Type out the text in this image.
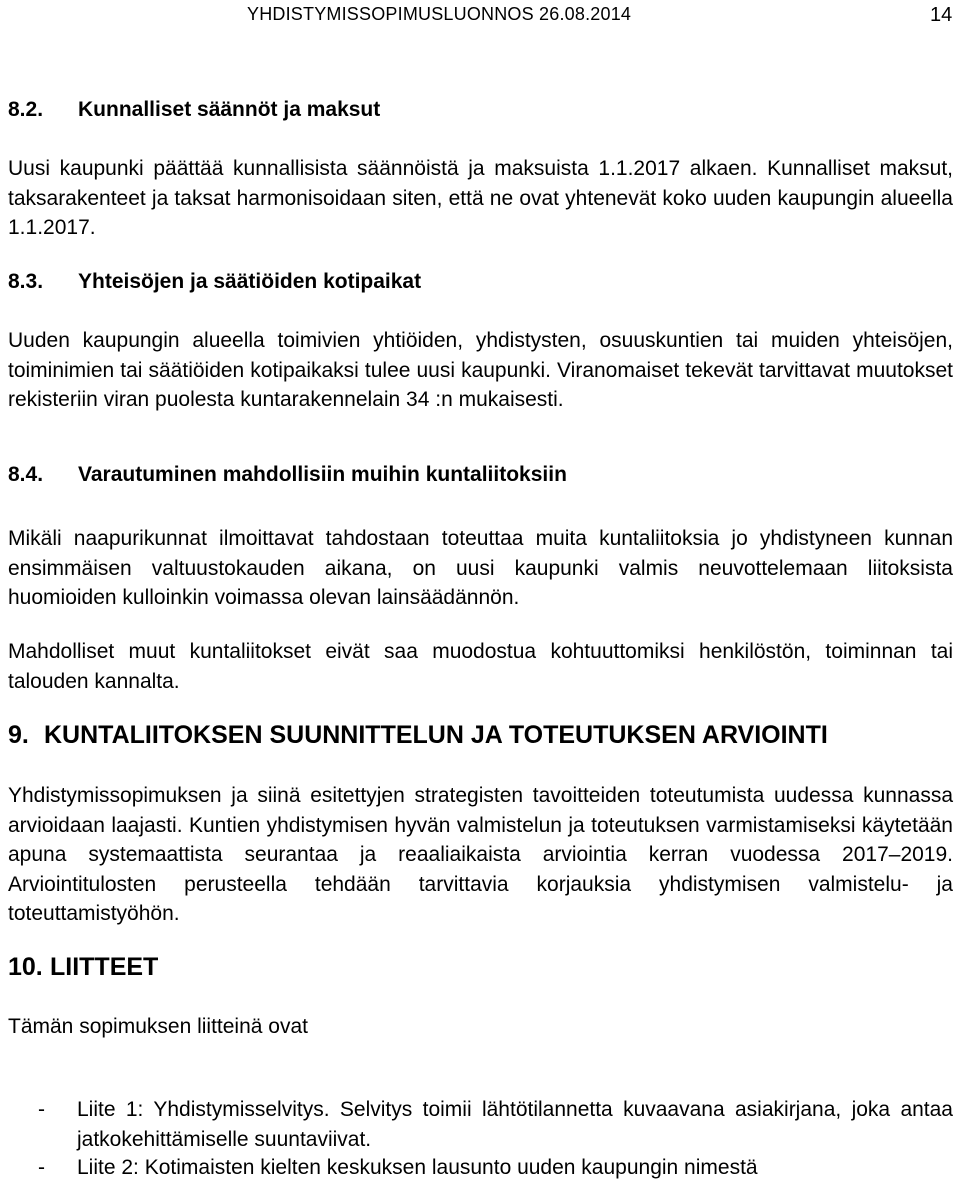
YHDISTYMISSOPIMUSLUONNOS 26.08.2014	14
8.2. Kunnalliset säännöt ja maksut

Uusi kaupunki päättää kunnallisista säännöistä ja maksuista 1.1.2017 alkaen. Kunnalliset maksut, taksarakenteet ja taksat harmonisoidaan siten, että ne ovat yhtenevät koko uuden kaupungin alueella 1.1.2017.

8.3. Yhteisöjen ja säätiöiden kotipaikat

Uuden kaupungin alueella toimivien yhtiöiden, yhdistysten, osuuskuntien tai muiden yhteisöjen, toiminimien tai säätiöiden kotipaikaksi tulee uusi kaupunki. Viranomaiset tekevät tarvittavat muutokset rekisteriin viran puolesta kuntarakennelain 34 :n mukaisesti.

8.4. Varautuminen mahdollisiin muihin kuntaliitoksiin

Mikäli naapurikunnat ilmoittavat tahdostaan toteuttaa muita kuntaliitoksia jo yhdistyneen kunnan ensimmäisen valtuustokauden aikana, on uusi kaupunki valmis neuvottelemaan liitoksista huomioiden kulloinkin voimassa olevan lainsäädännön.

Mahdolliset muut kuntaliitokset eivät saa muodostua kohtuuttomiksi henkilöstön, toiminnan tai talouden kannalta.

9. KUNTALIITOKSEN SUUNNITTELUN JA TOTEUTUKSEN ARVIOINTI

Yhdistymissopimuksen ja siinä esitettyjen strategisten tavoitteiden toteutumista uudessa kunnassa arvioidaan laajasti. Kuntien yhdistymisen hyvän valmistelun ja toteutuksen varmistamiseksi käytetään apuna systemaattista seurantaa ja reaaliaikaista arviointia kerran vuodessa 2017–2019. Arviointitulosten perusteella tehdään tarvittavia korjauksia yhdistymisen valmistelu- ja toteuttamistyöhön.

10. LIITTEET

Tämän sopimuksen liitteinä ovat

- Liite 1: Yhdistymisselvitys. Selvitys toimii lähtötilannetta kuvaavana asiakirjana, joka antaa jatkokehittämiselle suuntaviivat.
- Liite 2: Kotimaisten kielten keskuksen lausunto uuden kaupungin nimestä
